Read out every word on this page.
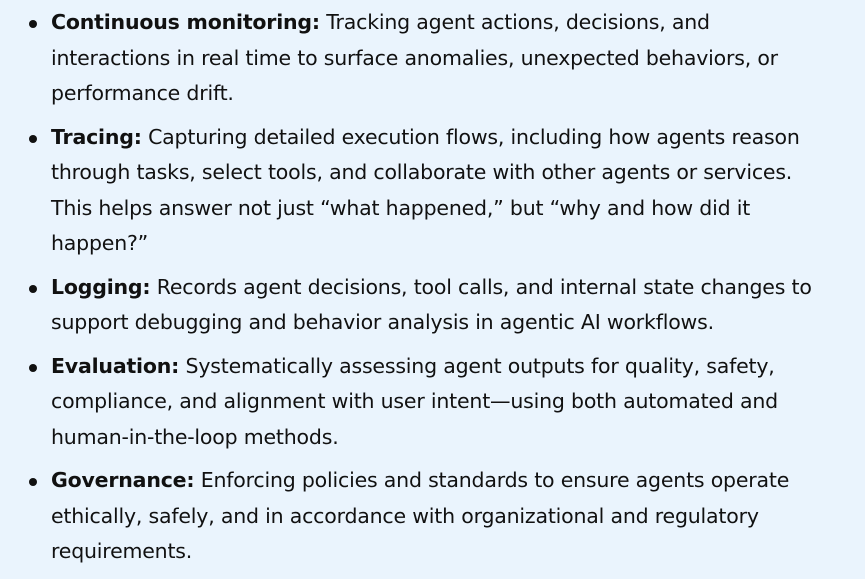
Continuous monitoring: Tracking agent actions, decisions, and interactions in real time to surface anomalies, unexpected behaviors, or performance drift.
Tracing: Capturing detailed execution flows, including how agents reason through tasks, select tools, and collaborate with other agents or services. This helps answer not just “what happened,” but “why and how did it happen?”
Logging: Records agent decisions, tool calls, and internal state changes to support debugging and behavior analysis in agentic AI workflows.
Evaluation: Systematically assessing agent outputs for quality, safety, compliance, and alignment with user intent—using both automated and human-in-the-loop methods.
Governance: Enforcing policies and standards to ensure agents operate ethically, safely, and in accordance with organizational and regulatory requirements.
